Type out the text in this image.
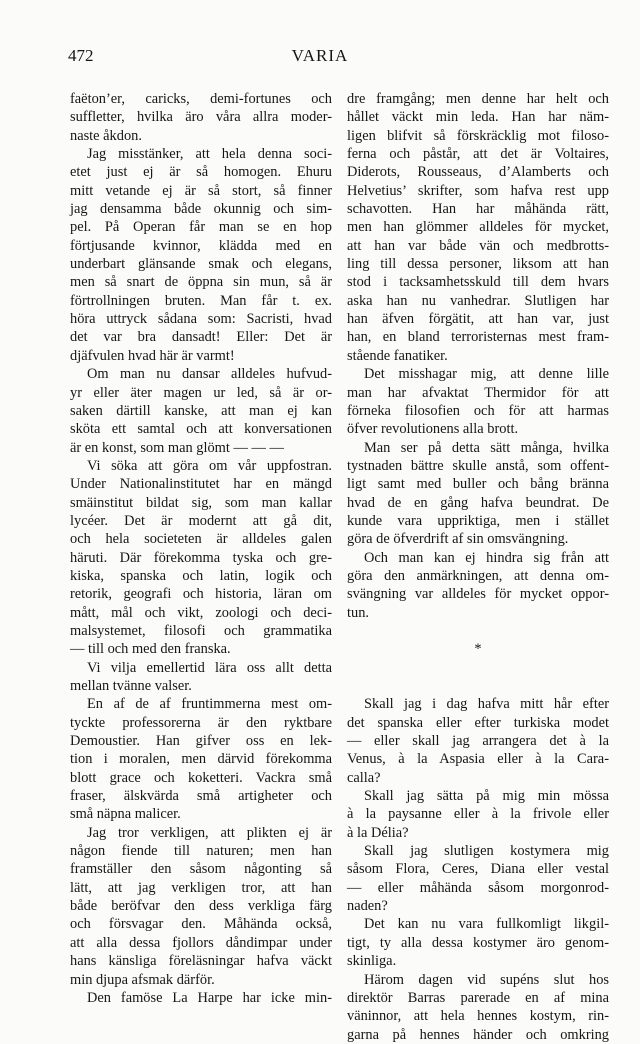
472	VARIA
faëton’er, caricks, demi-fortunes och
suffletter, hvilka äro våra allra moder-
naste åkdon.
Jag misstänker, att hela denna soci-
etet just ej är så homogen. Ehuru
mitt vetande ej är så stort, så finner
jag densamma både okunnig och sim-
pel. På Operan får man se en hop
förtjusande kvinnor, klädda med en
underbart glänsande smak och elegans,
men så snart de öppna sin mun, så är
förtrollningen bruten. Man får t. ex.
höra uttryck sådana som: Sacristi, hvad
det var bra dansadt! Eller: Det är
djäfvulen hvad här är varmt!
Om man nu dansar alldeles hufvud-
yr eller äter magen ur led, så är or-
saken därtill kanske, att man ej kan
sköta ett samtal och att konversationen
är en konst, som man glömt — — —
Vi söka att göra om vår uppfostran.
Under Nationalinstitutet har en mängd
smäinstitut bildat sig, som man kallar
lycéer. Det är modernt att gå dit,
och hela societeten är alldeles galen
häruti. Där förekomma tyska och gre-
kiska, spanska och latin, logik och
retorik, geografi och historia, läran om
mått, mål och vikt, zoologi och deci-
malsystemet, filosofi och grammatika
— till och med den franska.
Vi vilja emellertid lära oss allt detta
mellan tvänne valser.
En af de af fruntimmerna mest om-
tyckte professorerna är den ryktbare
Demoustier. Han gifver oss en lek-
tion i moralen, men därvid förekomma
blott grace och koketteri. Vackra små
fraser, älskvärda små artigheter och
små näpna malicer.
Jag tror verkligen, att plikten ej är
någon fiende till naturen; men han
framställer den såsom någonting så
lätt, att jag verkligen tror, att han
både beröfvar den dess verkliga färg
och försvagar den. Måhända också,
att alla dessa fjollors dåndimpar under
hans känsliga föreläsningar hafva väckt
min djupa afsmak därför.
Den famöse La Harpe har icke min-
dre framgång; men denne har helt och
hållet väckt min leda. Han har näm-
ligen blifvit så förskräcklig mot filoso-
ferna och påstår, att det är Voltaires,
Diderots, Rousseaus, d’Alamberts och
Helvetius’ skrifter, som hafva rest upp
schavotten. Han har måhända rätt,
men han glömmer alldeles för mycket,
att han var både vän och medbrotts-
ling till dessa personer, liksom att han
stod i tacksamhetsskuld till dem hvars
aska han nu vanhedrar. Slutligen har
han äfven förgätit, att han var, just
han, en bland terroristernas mest fram-
stående fanatiker.
Det misshagar mig, att denne lille
man har afvaktat Thermidor för att
förneka filosofien och för att harmas
öfver revolutionens alla brott.
Man ser på detta sätt många, hvilka
tystnaden bättre skulle anstå, som offent-
ligt samt med buller och bång bränna
hvad de en gång hafva beundrat. De
kunde vara uppriktiga, men i stället
göra de öfverdrift af sin omsvängning.
Och man kan ej hindra sig från att
göra den anmärkningen, att denna om-
svängning var alldeles för mycket oppor-
tun.
*
Skall jag i dag hafva mitt hår efter
det spanska eller efter turkiska modet
— eller skall jag arrangera det à la
Venus, à la Aspasia eller à la Cara-
calla?
Skall jag sätta på mig min mössa
à la paysanne eller à la frivole eller
à la Délia?
Skall jag slutligen kostymera mig
såsom Flora, Ceres, Diana eller vestal
— eller måhända såsom morgonrod-
naden?
Det kan nu vara fullkomligt likgil-
tigt, ty alla dessa kostymer äro genom-
skinliga.
Härom dagen vid supéns slut hos
direktör Barras parerade en af mina
väninnor, att hela hennes kostym, rin-
garna på hennes händer och omkring
